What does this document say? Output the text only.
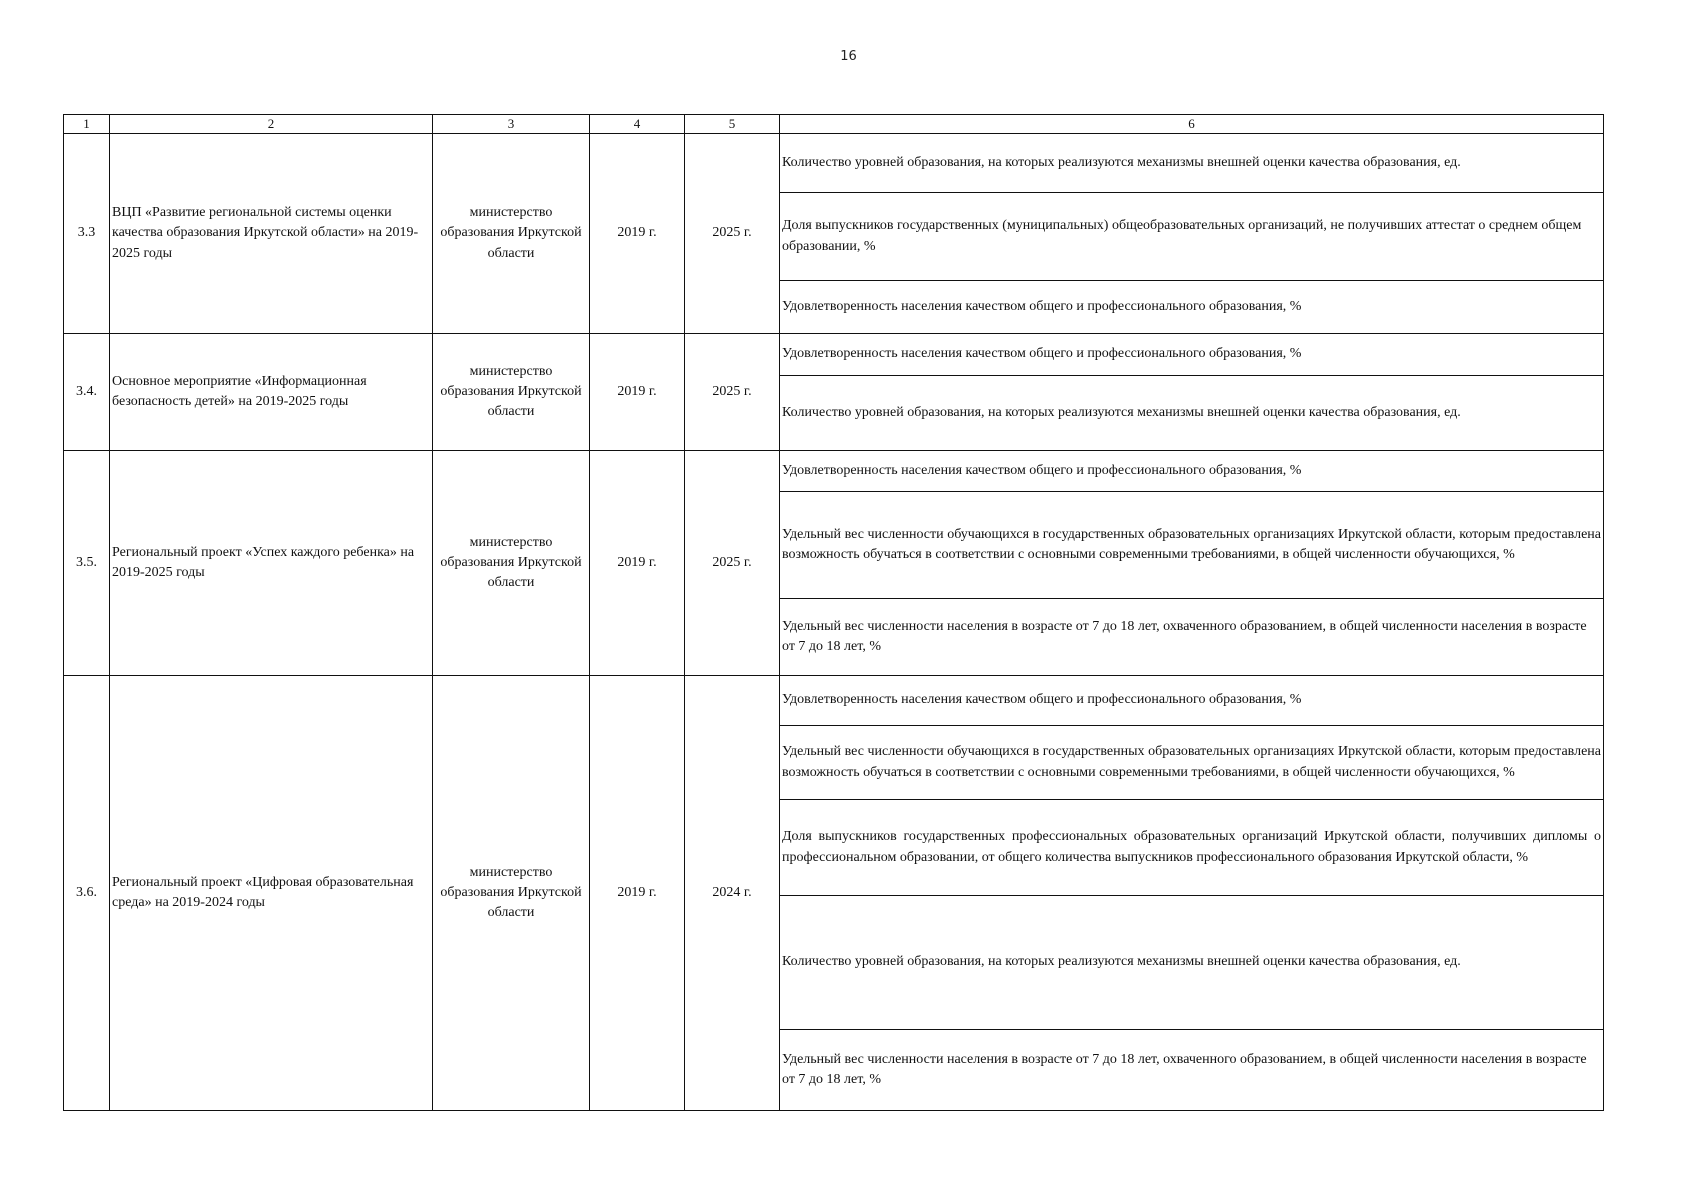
16
1	2	3	4	5	6
3.3	ВЦП «Развитие региональной системы оценки качества образования Иркутской области» на 2019-2025 годы	министерство образования Иркутской области	2019 г.	2025 г.	Количество уровней образования, на которых реализуются механизмы внешней оценки качества образования, ед.
					Доля выпускников государственных (муниципальных) общеобразовательных организаций, не получивших аттестат о среднем общем образовании, %
					Удовлетворенность населения качеством общего и профессионального образования, %
3.4.	Основное мероприятие «Информационная безопасность детей» на 2019-2025 годы	министерство образования Иркутской области	2019 г.	2025 г.	Удовлетворенность населения качеством общего и профессионального образования, %
					Количество уровней образования, на которых реализуются механизмы внешней оценки качества образования, ед.
3.5.	Региональный проект «Успех каждого ребенка» на 2019-2025 годы	министерство образования Иркутской области	2019 г.	2025 г.	Удовлетворенность населения качеством общего и профессионального образования, %
					Удельный вес численности обучающихся в государственных образовательных организациях Иркутской области, которым предоставлена возможность обучаться в соответствии с основными современными требованиями, в общей численности обучающихся, %
					Удельный вес численности населения в возрасте от 7 до 18 лет, охваченного образованием, в общей численности населения в возрасте от 7 до 18 лет, %
3.6.	Региональный проект «Цифровая образовательная среда» на 2019-2024 годы	министерство образования Иркутской области	2019 г.	2024 г.	Удовлетворенность населения качеством общего и профессионального образования, %
					Удельный вес численности обучающихся в государственных образовательных организациях Иркутской области, которым предоставлена возможность обучаться в соответствии с основными современными требованиями, в общей численности обучающихся, %
					Доля выпускников государственных профессиональных образовательных организаций Иркутской области, получивших дипломы о профессиональном образовании, от общего количества выпускников профессионального образования Иркутской области, %
					Количество уровней образования, на которых реализуются механизмы внешней оценки качества образования, ед.
					Удельный вес численности населения в возрасте от 7 до 18 лет, охваченного образованием, в общей численности населения в возрасте от 7 до 18 лет, %
